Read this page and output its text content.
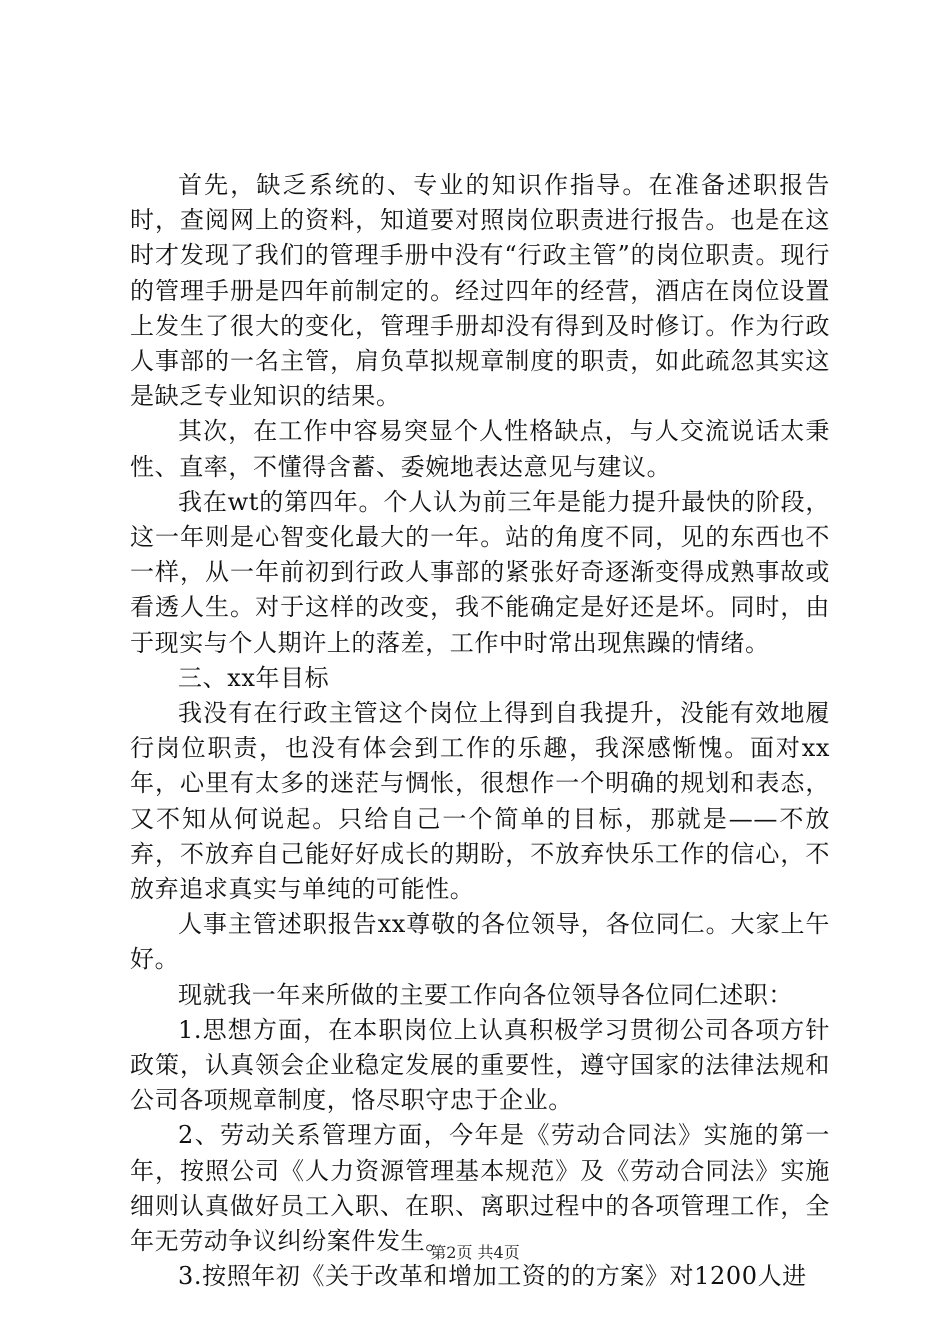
首先，缺乏系统的、专业的知识作指导。在准备述职报告时，查阅网上的资料，知道要对照岗位职责进行报告。也是在这时才发现了我们的管理手册中没有“行政主管”的岗位职责。现行的管理手册是四年前制定的。经过四年的经营，酒店在岗位设置上发生了很大的变化，管理手册却没有得到及时修订。作为行政人事部的一名主管，肩负草拟规章制度的职责，如此疏忽其实这是缺乏专业知识的结果。

其次，在工作中容易突显个人性格缺点，与人交流说话太秉性、直率，不懂得含蓄、委婉地表达意见与建议。

我在wt的第四年。个人认为前三年是能力提升最快的阶段，这一年则是心智变化最大的一年。站的角度不同，见的东西也不一样，从一年前初到行政人事部的紧张好奇逐渐变得成熟事故或看透人生。对于这样的改变，我不能确定是好还是坏。同时，由于现实与个人期许上的落差，工作中时常出现焦躁的情绪。

三、xx年目标

我没有在行政主管这个岗位上得到自我提升，没能有效地履行岗位职责，也没有体会到工作的乐趣，我深感惭愧。面对xx年，心里有太多的迷茫与惆怅，很想作一个明确的规划和表态，又不知从何说起。只给自己一个简单的目标，那就是——不放弃，不放弃自己能好好成长的期盼，不放弃快乐工作的信心，不放弃追求真实与单纯的可能性。

人事主管述职报告xx尊敬的各位领导，各位同仁。大家上午好。

现就我一年来所做的主要工作向各位领导各位同仁述职：

1.思想方面，在本职岗位上认真积极学习贯彻公司各项方针政策，认真领会企业稳定发展的重要性，遵守国家的法律法规和公司各项规章制度，恪尽职守忠于企业。

2、劳动关系管理方面，今年是《劳动合同法》实施的第一年，按照公司《人力资源管理基本规范》及《劳动合同法》实施细则认真做好员工入职、在职、离职过程中的各项管理工作，全年无劳动争议纠纷案件发生。

3.按照年初《关于改革和增加工资的的方案》对1200人进

第2页 共4页
